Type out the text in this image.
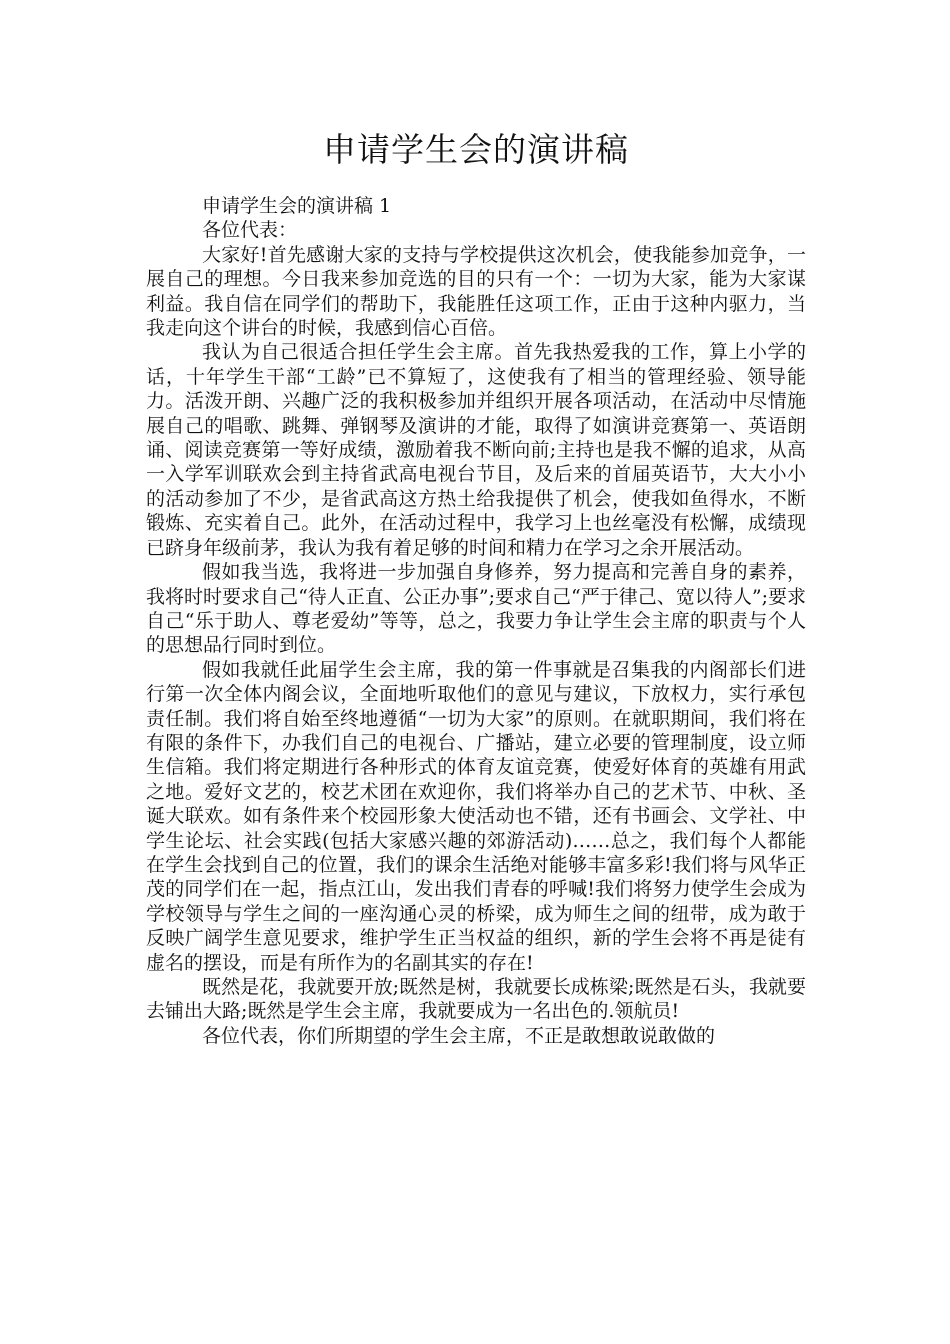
申请学生会的演讲稿

申请学生会的演讲稿 1

各位代表：

大家好!首先感谢大家的支持与学校提供这次机会，使我能参加竞争，一展自己的理想。今日我来参加竞选的目的只有一个：一切为大家，能为大家谋利益。我自信在同学们的帮助下，我能胜任这项工作，正由于这种内驱力，当我走向这个讲台的时候，我感到信心百倍。

我认为自己很适合担任学生会主席。首先我热爱我的工作，算上小学的话，十年学生干部“工龄”已不算短了，这使我有了相当的管理经验、领导能力。活泼开朗、兴趣广泛的我积极参加并组织开展各项活动，在活动中尽情施展自己的唱歌、跳舞、弹钢琴及演讲的才能，取得了如演讲竞赛第一、英语朗诵、阅读竞赛第一等好成绩，激励着我不断向前;主持也是我不懈的追求，从高一入学军训联欢会到主持省武高电视台节目，及后来的首届英语节，大大小小的活动参加了不少，是省武高这方热土给我提供了机会，使我如鱼得水，不断锻炼、充实着自己。此外，在活动过程中，我学习上也丝毫没有松懈，成绩现已跻身年级前茅，我认为我有着足够的时间和精力在学习之余开展活动。

假如我当选，我将进一步加强自身修养，努力提高和完善自身的素养，我将时时要求自己“待人正直、公正办事”;要求自己“严于律己、宽以待人”;要求自己“乐于助人、尊老爱幼”等等，总之，我要力争让学生会主席的职责与个人的思想品行同时到位。

假如我就任此届学生会主席，我的第一件事就是召集我的内阁部长们进行第一次全体内阁会议，全面地听取他们的意见与建议，下放权力，实行承包责任制。我们将自始至终地遵循“一切为大家”的原则。在就职期间，我们将在有限的条件下，办我们自己的电视台、广播站，建立必要的管理制度，设立师生信箱。我们将定期进行各种形式的体育友谊竞赛，使爱好体育的英雄有用武之地。爱好文艺的，校艺术团在欢迎你，我们将举办自己的艺术节、中秋、圣诞大联欢。如有条件来个校园形象大使活动也不错，还有书画会、文学社、中学生论坛、社会实践(包括大家感兴趣的郊游活动)……总之，我们每个人都能在学生会找到自己的位置，我们的课余生活绝对能够丰富多彩!我们将与风华正茂的同学们在一起，指点江山，发出我们青春的呼喊!我们将努力使学生会成为学校领导与学生之间的一座沟通心灵的桥梁，成为师生之间的纽带，成为敢于反映广阔学生意见要求，维护学生正当权益的组织，新的学生会将不再是徒有虚名的摆设，而是有所作为的名副其实的存在!

既然是花，我就要开放;既然是树，我就要长成栋梁;既然是石头，我就要去铺出大路;既然是学生会主席，我就要成为一名出色的.领航员!

各位代表，你们所期望的学生会主席，不正是敢想敢说敢做的
